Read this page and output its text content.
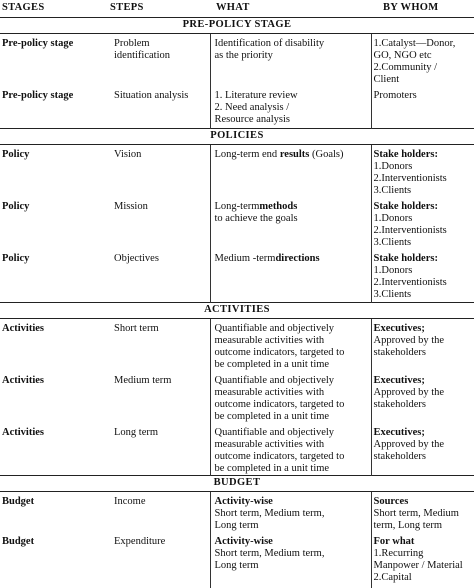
STAGES	STEPS	WHAT	BY WHOM
PRE-POLICY STAGE			
Pre-policy stage	Problem identification	Identification of disability
as the priority	1.Catalyst—Donor,
GO, NGO etc
2.Community /
Client

Pre-policy stage	Situation analysis	1. Literature review
2. Need analysis /
Resource analysis	Promoters

POLICIES			
Policy	Vision	Long-term end results (Goals)	Stake holders:
1.Donors
2.Interventionists
3.Clients

Policy	Mission	Long-termmethods
to achieve the goals	Stake holders:
1.Donors
2.Interventionists
3.Clients

Policy	Objectives	Medium -termdirections	Stake holders:
1.Donors
2.Interventionists
3.Clients

ACTIVITIES			
Activities	Short term	Quantifiable and objectively
measurable activities with
outcome indicators, targeted to
be completed in a unit time	Executives;
Approved by the
stakeholders

Activities	Medium term	Quantifiable and objectively
measurable activities with
outcome indicators, targeted to
be completed in a unit time	Executives;
Approved by the
stakeholders

Activities	Long term	Quantifiable and objectively
measurable activities with
outcome indicators, targeted to
be completed in a unit time	Executives;
Approved by the
stakeholders

BUDGET			
Budget	Income	Activity-wise
Short term, Medium term,
Long term	Sources
Short term, Medium
term, Long term

Budget	Expenditure	Activity-wise
Short term, Medium term,
Long term	For what
1.Recurring
Manpower / Material
2.Capital
